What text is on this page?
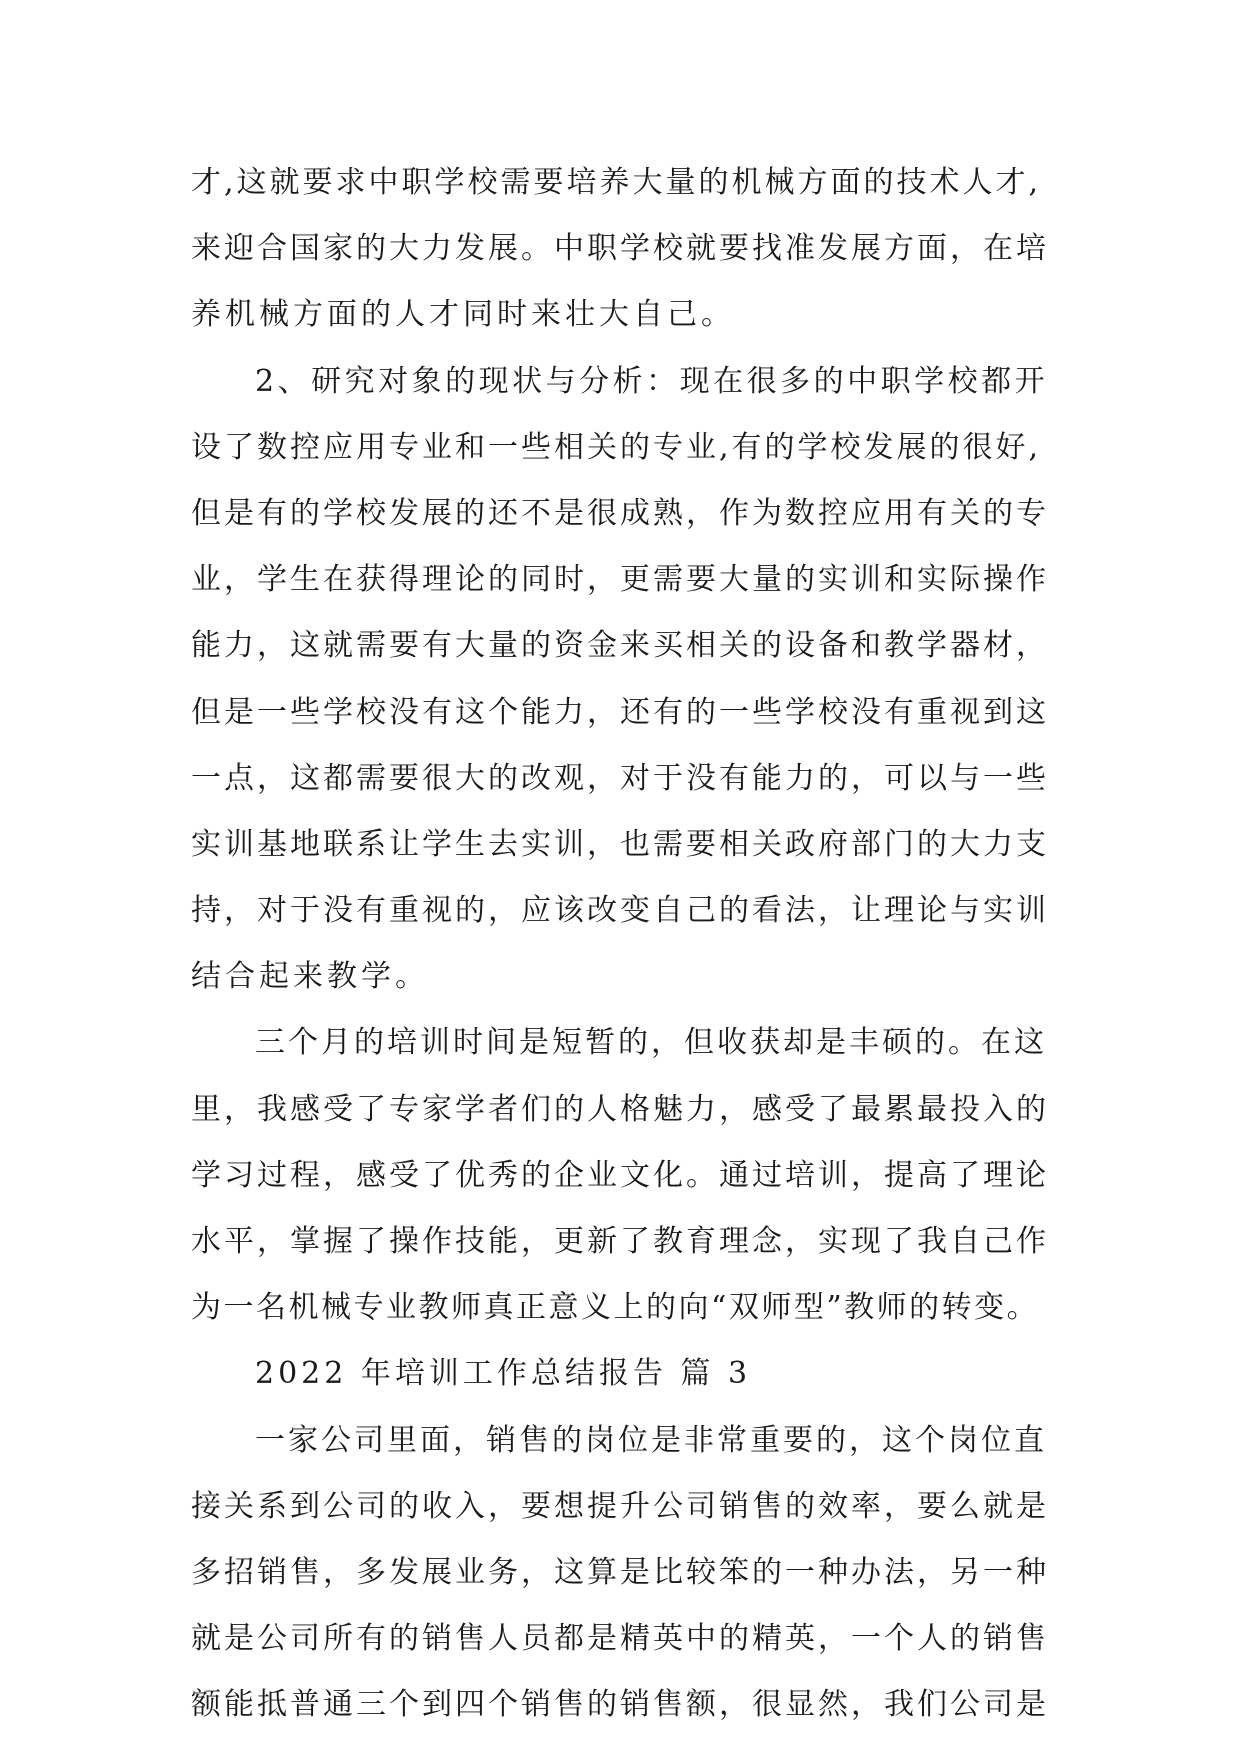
才,这就要求中职学校需要培养大量的机械方面的技术人才,
来迎合国家的大力发展。中职学校就要找准发展方面，在培
养机械方面的人才同时来壮大自己。
2、研究对象的现状与分析：现在很多的中职学校都开
设了数控应用专业和一些相关的专业,有的学校发展的很好,
但是有的学校发展的还不是很成熟，作为数控应用有关的专
业，学生在获得理论的同时，更需要大量的实训和实际操作
能力，这就需要有大量的资金来买相关的设备和教学器材，
但是一些学校没有这个能力，还有的一些学校没有重视到这
一点，这都需要很大的改观，对于没有能力的，可以与一些
实训基地联系让学生去实训，也需要相关政府部门的大力支
持，对于没有重视的，应该改变自己的看法，让理论与实训
结合起来教学。
三个月的培训时间是短暂的，但收获却是丰硕的。在这
里，我感受了专家学者们的人格魅力，感受了最累最投入的
学习过程，感受了优秀的企业文化。通过培训，提高了理论
水平，掌握了操作技能，更新了教育理念，实现了我自己作
为一名机械专业教师真正意义上的向“双师型”教师的转变。
2022 年培训工作总结报告 篇 3
一家公司里面，销售的岗位是非常重要的，这个岗位直
接关系到公司的收入，要想提升公司销售的效率，要么就是
多招销售，多发展业务，这算是比较笨的一种办法，另一种
就是公司所有的销售人员都是精英中的精英，一个人的销售
额能抵普通三个到四个销售的销售额，很显然，我们公司是
